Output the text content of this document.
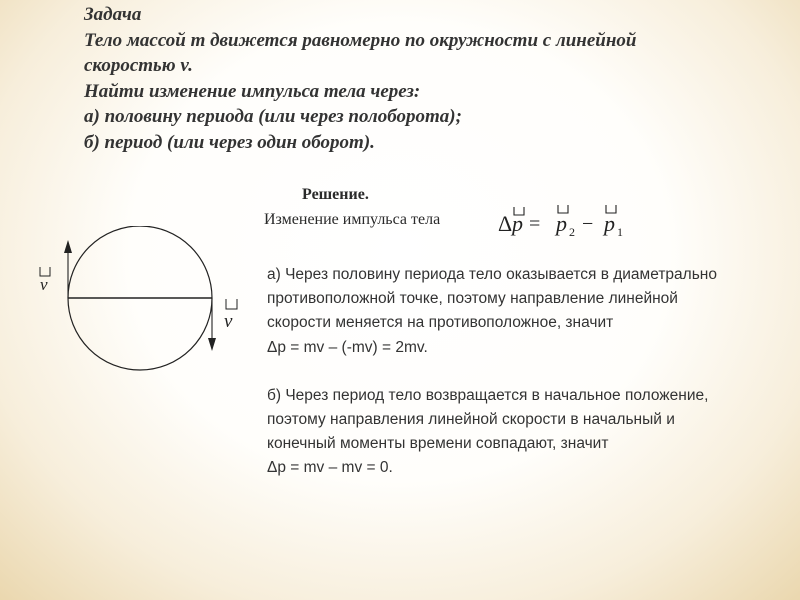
Задача

Тело массой m движется равномерно по окружности с линейной

скоростью v.

Найти изменение импульса тела через:

а) половину периода (или через полоборота);

б) период (или через один оборот).

Решение.
Изменение импульса тела	Δ p = p 2 − p 1
v
v
а) Через половину периода тело оказывается в диаметрально
противоположной точке, поэтому направление линейной
скорости меняется на противоположное, значит
Δp = mv – (-mv) = 2mv.
б) Через период тело возвращается в начальное положение,
поэтому направления линейной скорости в начальный и
конечный моменты времени совпадают, значит
Δp = mv – mv = 0.
